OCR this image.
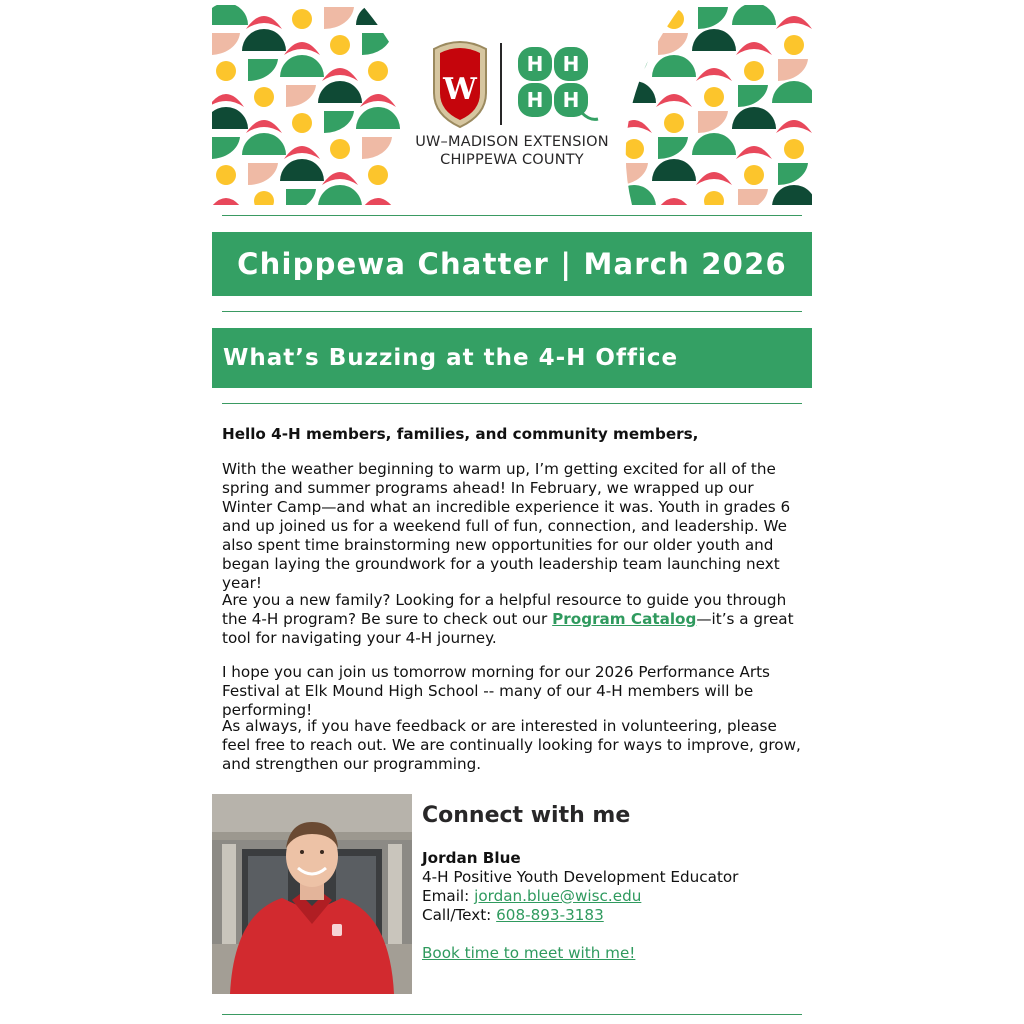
W
H H
H H
UW–MADISON EXTENSION
CHIPPEWA COUNTY
Chippewa Chatter | March 2026
What’s Buzzing at the 4-H Office
Hello 4-H members, families, and community members,
With the weather beginning to warm up, I’m getting excited for all of the spring and summer programs ahead! In February, we wrapped up our Winter Camp—and what an incredible experience it was. Youth in grades 6 and up joined us for a weekend full of fun, connection, and leadership. We also spent time brainstorming new opportunities for our older youth and began laying the groundwork for a youth leadership team launching next year!
Are you a new family? Looking for a helpful resource to guide you through the 4-H program? Be sure to check out our Program Catalog—it’s a great tool for navigating your 4-H journey.
I hope you can join us tomorrow morning for our 2026 Performance Arts Festival at Elk Mound High School -- many of our 4-H members will be performing!
As always, if you have feedback or are interested in volunteering, please feel free to reach out. We are continually looking for ways to improve, grow, and strengthen our programming.
Connect with me
Jordan Blue
4-H Positive Youth Development Educator
Email: jordan.blue@wisc.edu
Call/Text: 608-893-3183
Book time to meet with me!
